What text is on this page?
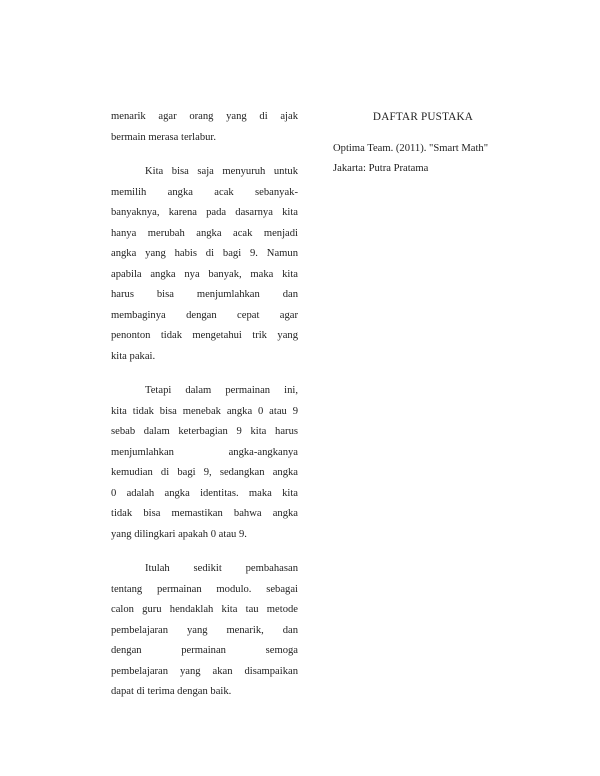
menarik agar orang yang di ajak
bermain merasa terlabur.

Kita bisa saja menyuruh untuk
memilih angka acak sebanyak-
banyaknya, karena pada dasarnya kita
hanya merubah angka acak menjadi
angka yang habis di bagi 9. Namun
apabila angka nya banyak, maka kita
harus bisa menjumlahkan dan
membaginya dengan cepat agar
penonton tidak mengetahui trik yang
kita pakai.

Tetapi dalam permainan ini,
kita tidak bisa menebak angka 0 atau 9
sebab dalam keterbagian 9 kita harus
menjumlahkan angka-angkanya
kemudian di bagi 9, sedangkan angka
0 adalah angka identitas. maka kita
tidak bisa memastikan bahwa angka
yang dilingkari apakah 0 atau 9.

Itulah sedikit pembahasan
tentang permainan modulo. sebagai
calon guru hendaklah kita tau metode
pembelajaran yang menarik, dan
dengan permainan semoga
pembelajaran yang akan disampaikan
dapat di terima dengan baik.

DAFTAR PUSTAKA

Optima Team. (2011). "Smart Math"
Jakarta: Putra Pratama
